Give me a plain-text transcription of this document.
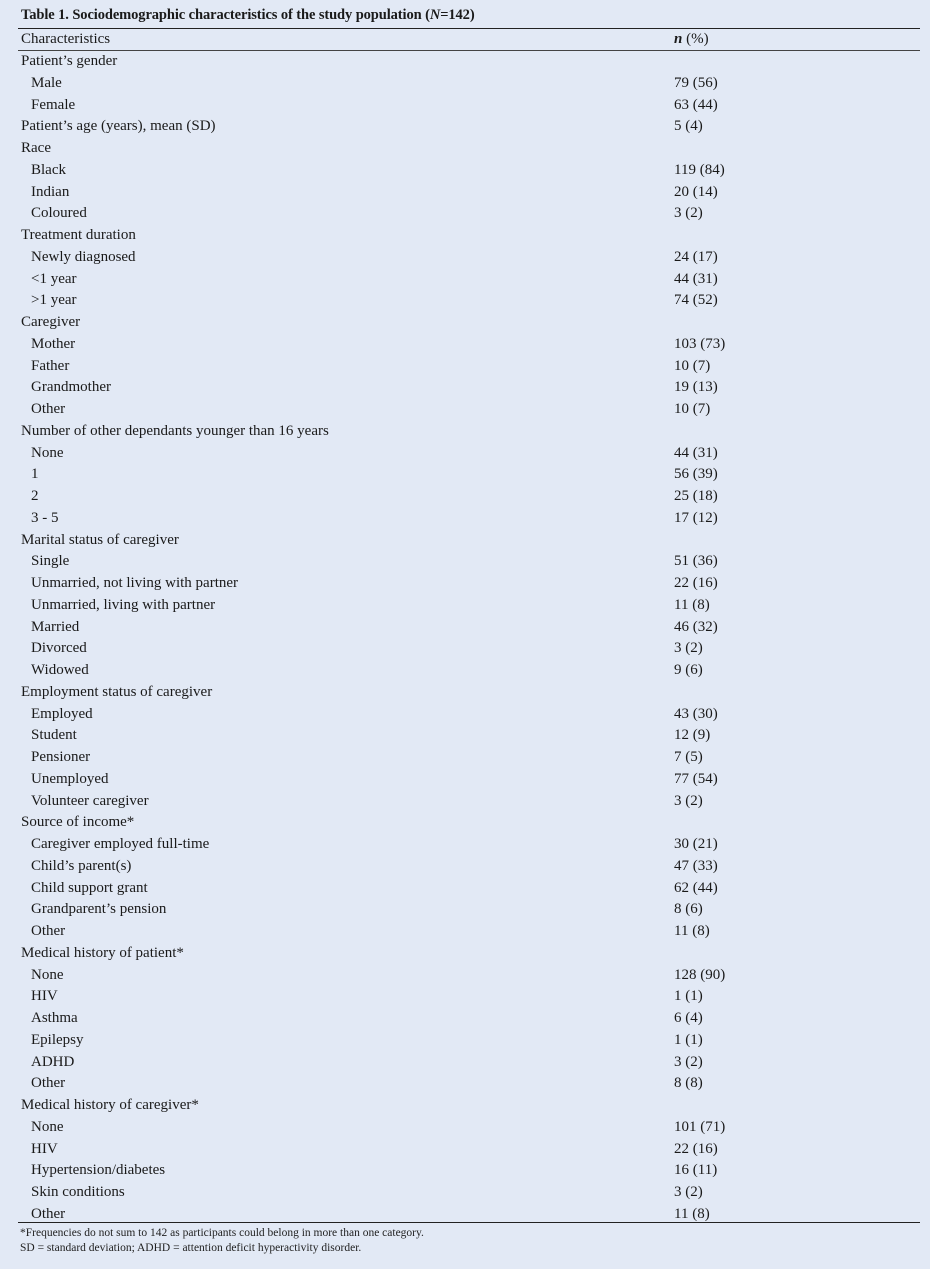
Table 1. Sociodemographic characteristics of the study population (N=142)
Characteristics	n (%)
Patient’s gender
Male	79 (56)
Female	63 (44)
Patient’s age (years), mean (SD)	5 (4)
Race
Black	119 (84)
Indian	20 (14)
Coloured	3 (2)
Treatment duration
Newly diagnosed	24 (17)
<1 year	44 (31)
>1 year	74 (52)
Caregiver
Mother	103 (73)
Father	10 (7)
Grandmother	19 (13)
Other	10 (7)
Number of other dependants younger than 16 years
None	44 (31)
1	56 (39)
2	25 (18)
3 - 5	17 (12)
Marital status of caregiver
Single	51 (36)
Unmarried, not living with partner	22 (16)
Unmarried, living with partner	11 (8)
Married	46 (32)
Divorced	3 (2)
Widowed	9 (6)
Employment status of caregiver
Employed	43 (30)
Student	12 (9)
Pensioner	7 (5)
Unemployed	77 (54)
Volunteer caregiver	3 (2)
Source of income*
Caregiver employed full-time	30 (21)
Child’s parent(s)	47 (33)
Child support grant	62 (44)
Grandparent’s pension	8 (6)
Other	11 (8)
Medical history of patient*
None	128 (90)
HIV	1 (1)
Asthma	6 (4)
Epilepsy	1 (1)
ADHD	3 (2)
Other	8 (8)
Medical history of caregiver*
None	101 (71)
HIV	22 (16)
Hypertension/diabetes	16 (11)
Skin conditions	3 (2)
Other	11 (8)
*Frequencies do not sum to 142 as participants could belong in more than one category.
SD = standard deviation; ADHD = attention deficit hyperactivity disorder.
